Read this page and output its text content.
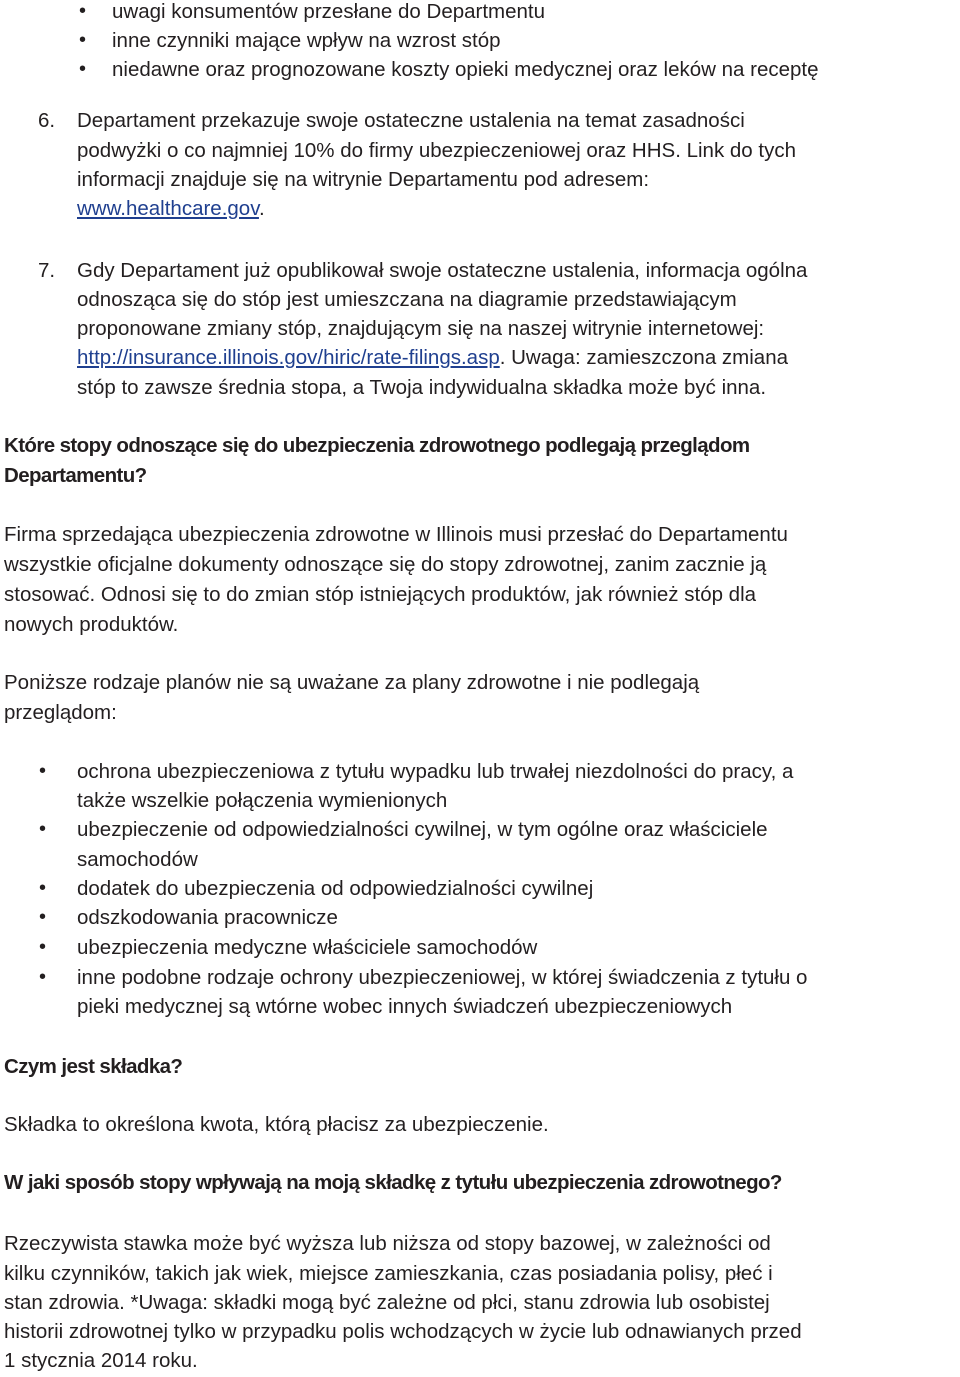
• uwagi konsumentów przesłane do Departmentu
• inne czynniki mające wpływ na wzrost stóp
• niedawne oraz prognozowane koszty opieki medycznej oraz leków na receptę
6. Departament przekazuje swoje ostateczne ustalenia na temat zasadności
podwyżki o co najmniej 10% do firmy ubezpieczeniowej oraz HHS. Link do tych
informacji znajduje się na witrynie Departamentu pod adresem:
www.healthcare.gov.
7. Gdy Departament już opublikował swoje ostateczne ustalenia, informacja ogólna
odnosząca się do stóp jest umieszczana na diagramie przedstawiającym
proponowane zmiany stóp, znajdującym się na naszej witrynie internetowej:
http://insurance.illinois.gov/hiric/rate-filings.asp. Uwaga: zamieszczona zmiana
stóp to zawsze średnia stopa, a Twoja indywidualna składka może być inna.
Które stopy odnoszące się do ubezpieczenia zdrowotnego podlegają przeglądom
Departamentu?
Firma sprzedająca ubezpieczenia zdrowotne w Illinois musi przesłać do Departamentu
wszystkie oficjalne dokumenty odnoszące się do stopy zdrowotnej, zanim zacznie ją
stosować. Odnosi się to do zmian stóp istniejących produktów, jak również stóp dla
nowych produktów.
Poniższe rodzaje planów nie są uważane za plany zdrowotne i nie podlegają
przeglądom:
• ochrona ubezpieczeniowa z tytułu wypadku lub trwałej niezdolności do pracy, a
także wszelkie połączenia wymienionych
• ubezpieczenie od odpowiedzialności cywilnej, w tym ogólne oraz właściciele
samochodów
• dodatek do ubezpieczenia od odpowiedzialności cywilnej
• odszkodowania pracownicze
• ubezpieczenia medyczne właściciele samochodów
• inne podobne rodzaje ochrony ubezpieczeniowej, w której świadczenia z tytułu o
pieki medycznej są wtórne wobec innych świadczeń ubezpieczeniowych
Czym jest składka?
Składka to określona kwota, którą płacisz za ubezpieczenie.
W jaki sposób stopy wpływają na moją składkę z tytułu ubezpieczenia zdrowotnego?
Rzeczywista stawka może być wyższa lub niższa od stopy bazowej, w zależności od
kilku czynników, takich jak wiek, miejsce zamieszkania, czas posiadania polisy, płeć i
stan zdrowia. *Uwaga: składki mogą być zależne od płci, stanu zdrowia lub osobistej
historii zdrowotnej tylko w przypadku polis wchodzących w życie lub odnawianych przed
1 stycznia 2014 roku.
